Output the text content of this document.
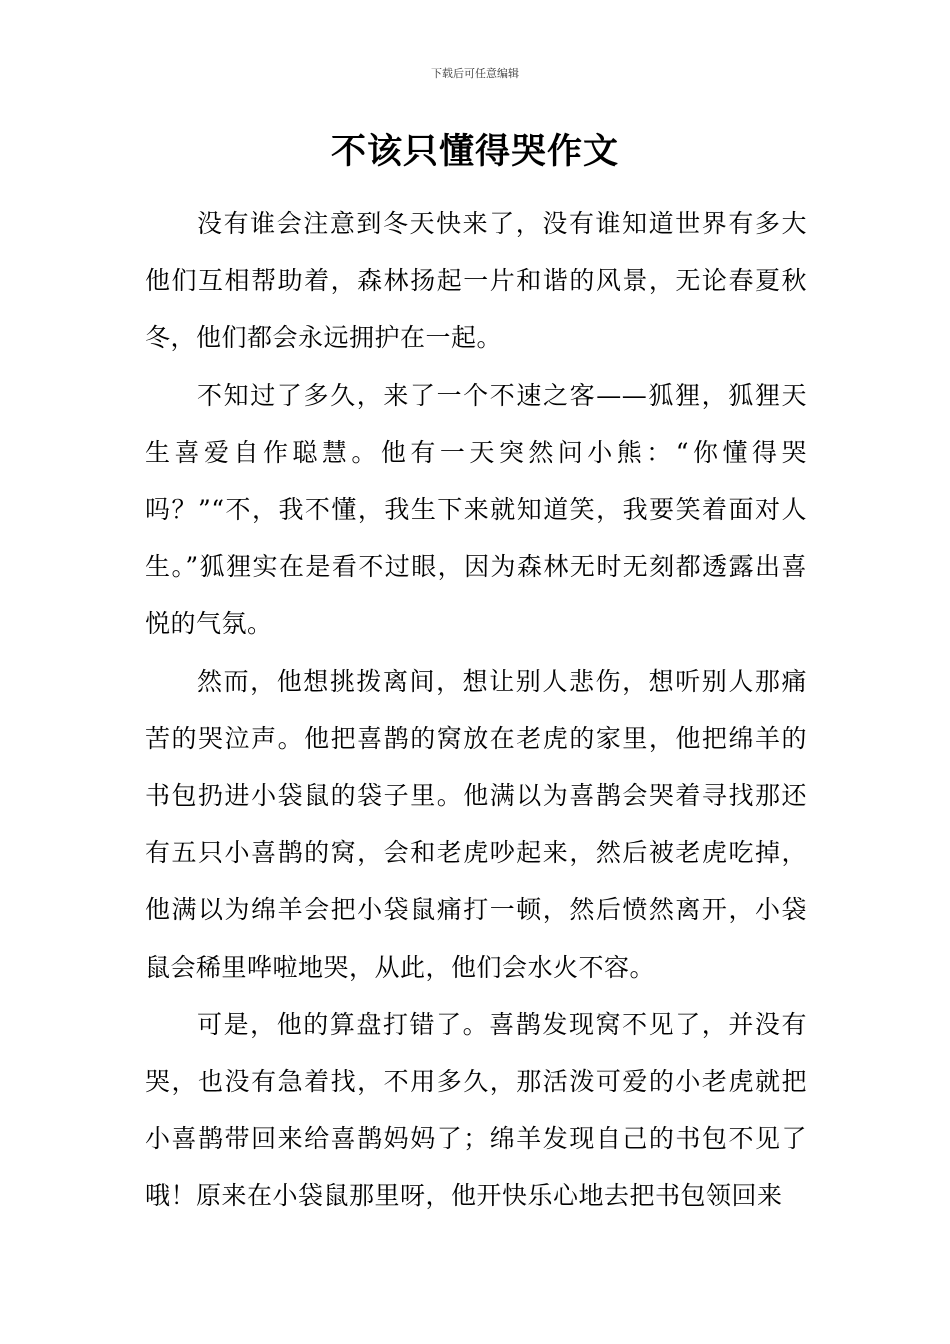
下载后可任意编辑
不该只懂得哭作文

没有谁会注意到冬天快来了，没有谁知道世界有多大他们互相帮助着，森林扬起一片和谐的风景，无论春夏秋冬，他们都会永远拥护在一起。

不知过了多久，来了一个不速之客——狐狸，狐狸天生喜爱自作聪慧。他有一天突然问小熊：“你懂得哭吗？”“不，我不懂，我生下来就知道笑，我要笑着面对人生。”狐狸实在是看不过眼，因为森林无时无刻都透露出喜悦的气氛。

然而，他想挑拨离间，想让别人悲伤，想听别人那痛苦的哭泣声。他把喜鹊的窝放在老虎的家里，他把绵羊的书包扔进小袋鼠的袋子里。他满以为喜鹊会哭着寻找那还有五只小喜鹊的窝，会和老虎吵起来，然后被老虎吃掉，他满以为绵羊会把小袋鼠痛打一顿，然后愤然离开，小袋鼠会稀里哗啦地哭，从此，他们会水火不容。

可是，他的算盘打错了。喜鹊发现窝不见了，并没有哭，也没有急着找，不用多久，那活泼可爱的小老虎就把小喜鹊带回来给喜鹊妈妈了；绵羊发现自己的书包不见了哦！原来在小袋鼠那里呀，他开快乐心地去把书包领回来
